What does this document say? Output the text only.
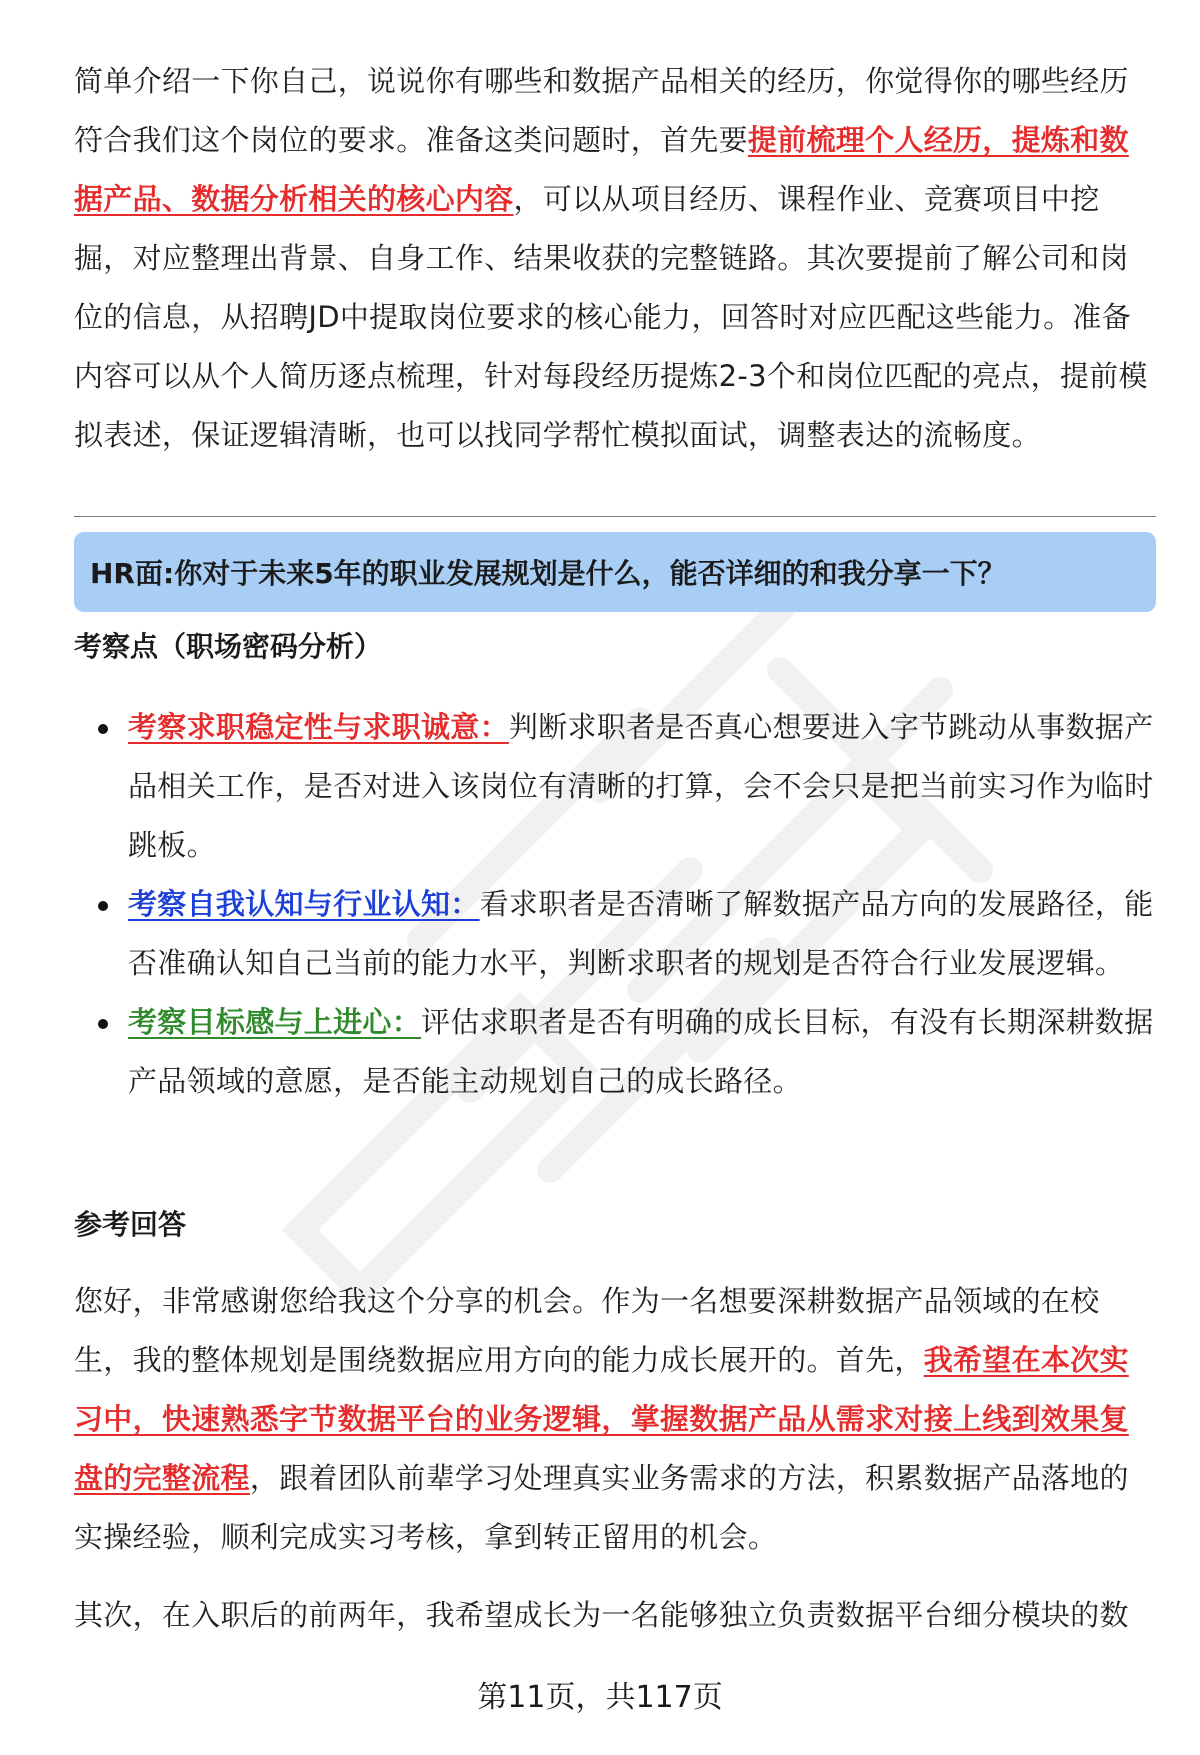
简单介绍一下你自己，说说你有哪些和数据产品相关的经历，你觉得你的哪些经历符合我们这个岗位的要求。准备这类问题时，首先要提前梳理个人经历，提炼和数据产品、数据分析相关的核心内容，可以从项目经历、课程作业、竞赛项目中挖掘，对应整理出背景、自身工作、结果收获的完整链路。其次要提前了解公司和岗位的信息，从招聘JD中提取岗位要求的核心能力，回答时对应匹配这些能力。准备内容可以从个人简历逐点梳理，针对每段经历提炼2-3个和岗位匹配的亮点，提前模拟表述，保证逻辑清晰，也可以找同学帮忙模拟面试，调整表达的流畅度。

HR面:你对于未来5年的职业发展规划是什么，能否详细的和我分享一下？
考察点（职场密码分析）
考察求职稳定性与求职诚意：判断求职者是否真心想要进入字节跳动从事数据产品相关工作，是否对进入该岗位有清晰的打算，会不会只是把当前实习作为临时跳板。
考察自我认知与行业认知：看求职者是否清晰了解数据产品方向的发展路径，能否准确认知自己当前的能力水平，判断求职者的规划是否符合行业发展逻辑。
考察目标感与上进心：评估求职者是否有明确的成长目标，有没有长期深耕数据产品领域的意愿，是否能主动规划自己的成长路径。
参考回答

您好，非常感谢您给我这个分享的机会。作为一名想要深耕数据产品领域的在校生，我的整体规划是围绕数据应用方向的能力成长展开的。首先，我希望在本次实习中，快速熟悉字节数据平台的业务逻辑，掌握数据产品从需求对接上线到效果复盘的完整流程，跟着团队前辈学习处理真实业务需求的方法，积累数据产品落地的实操经验，顺利完成实习考核，拿到转正留用的机会。

其次，在入职后的前两年，我希望成长为一名能够独立负责数据平台细分模块的数

第11页，共117页
